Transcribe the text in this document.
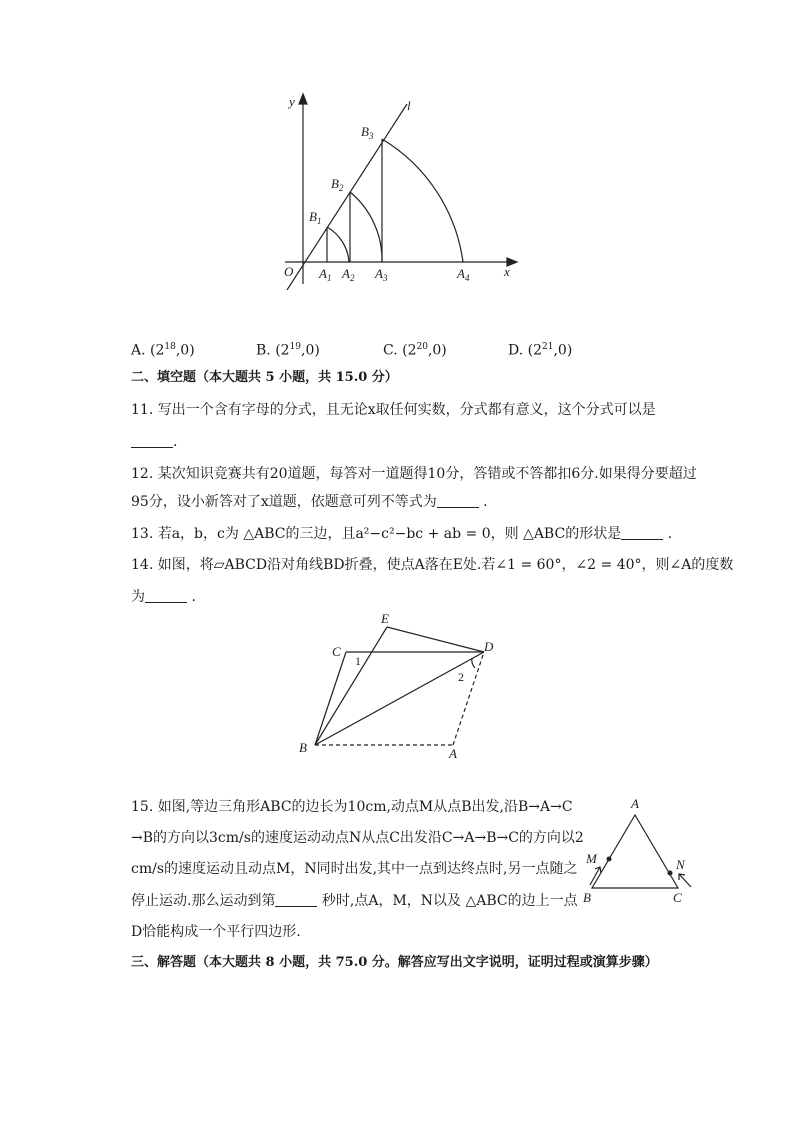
y	l
x
O
$B_1$
$B_2$
$B_3$
$A_1$ $A_2$ $A_3$	$A_4$
A. $(2^{18},0)$	B. $(2^{19},0)$	C. $(2^{20},0)$	D. $(2^{21},0)$
二、填空题（本大题共 5 小题，共 15.0 分）
11. 写出一个含有字母的分式，且无论x取任何实数，分式都有意义，这个分式可以是
.
12. 某次知识竞赛共有20道题，每答对一道题得10分，答错或不答都扣6分.如果得分要超过
95分，设小新答对了x道题，依题意可列不等式为	.
13. 若a，b，c为 △ABC的三边，且a²−c²−bc + ab = 0，则 △ABC的形状是	.
14. 如图，将▱ABCD沿对角线BD折叠，使点A落在E处.若∠1 = 60°，∠2 = 40°，则∠A的度数
为	.
E
C	D
B	A
1
2
15. 如图,等边三角形ABC的边长为10cm,动点M从点B出发,沿B→A→C
→B的方向以3cm/s的速度运动动点N从点C出发沿C→A→B→C的方向以2
cm/s的速度运动且动点M，N同时出发,其中一点到达终点时,另一点随之
停止运动.那么运动到第	秒时,点A，M，N以及 △ABC的边上一点
D恰能构成一个平行四边形.
A
M	N
B	C
三、解答题（本大题共 8 小题，共 75.0 分。解答应写出文字说明，证明过程或演算步骤）
